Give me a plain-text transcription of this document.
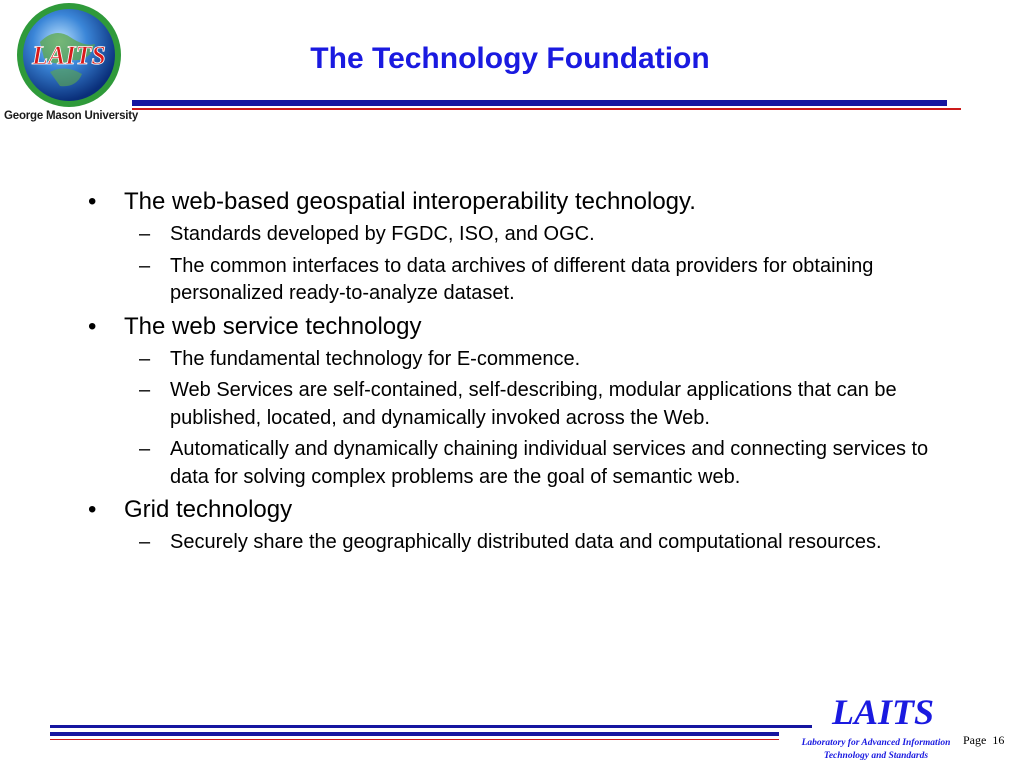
LAITS
George Mason University
The Technology Foundation
• The web-based geospatial interoperability technology.
– Standards developed by FGDC, ISO, and OGC.
– The common interfaces to data archives of different data providers for obtaining personalized ready-to-analyze dataset.
• The web service technology
– The fundamental technology for E-commence.
– Web Services are self-contained, self-describing, modular applications that can be published, located, and dynamically invoked across the Web.
– Automatically and dynamically chaining individual services and connecting services to data for solving complex problems are the goal of semantic web.
• Grid technology
– Securely share the geographically distributed data and computational resources.
LAITS
Laboratory for Advanced Information
Technology and Standards
Page 16
